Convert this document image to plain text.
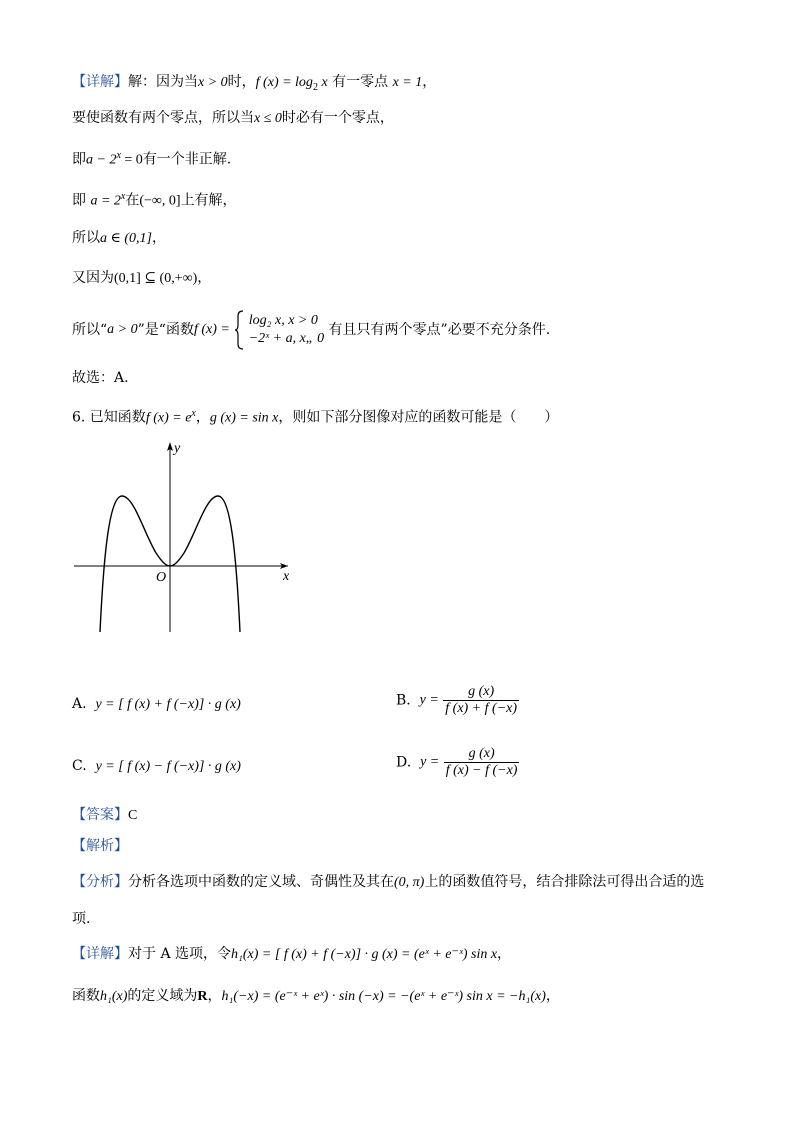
【详解】解：因为当x > 0时，f $(x) = \log_2 x$ 有一零点 x = 1，
要使函数有两个零点，所以当x ≤ 0时必有一个零点，
即$a - 2^x = 0$有一个非正解.
即 $a = 2^x$在(−∞, 0]上有解，
所以a ∈ (0,1]，
又因为(0,1] ⊆ (0,+∞)，
所以“a > 0”是“函数f (x) =
log₂ x, x > 0
−2ˣ + a, x„ 0
有且只有两个零点”必要不充分条件.
故选：A.
6. 已知函数f $(x) = e^x$，g (x) = sin x，则如下部分图像对应的函数可能是（　　）
y
x
O
A. y = [ f (x) + f (−x)] · g (x)	B. $y = \frac{g (x)}{f (x) + f (-x)}$
C. y = [ f (x) − f (−x)] · g (x)	D. $y = \frac{g (x)}{f (x) - f (-x)}$
【答案】C
【解析】
【分析】分析各选项中函数的定义域、奇偶性及其在(0, π)上的函数值符号，结合排除法可得出合适的选
项.
【详解】对于 A 选项，令h₁(x) = [ f (x) + f (−x)] · g (x) = (eˣ + e⁻ˣ) sin x，
函数h₁(x)的定义域为R，h₁(−x) = (e⁻ˣ + eˣ) · sin (−x) = −(eˣ + e⁻ˣ) sin x = −h₁(x)，
